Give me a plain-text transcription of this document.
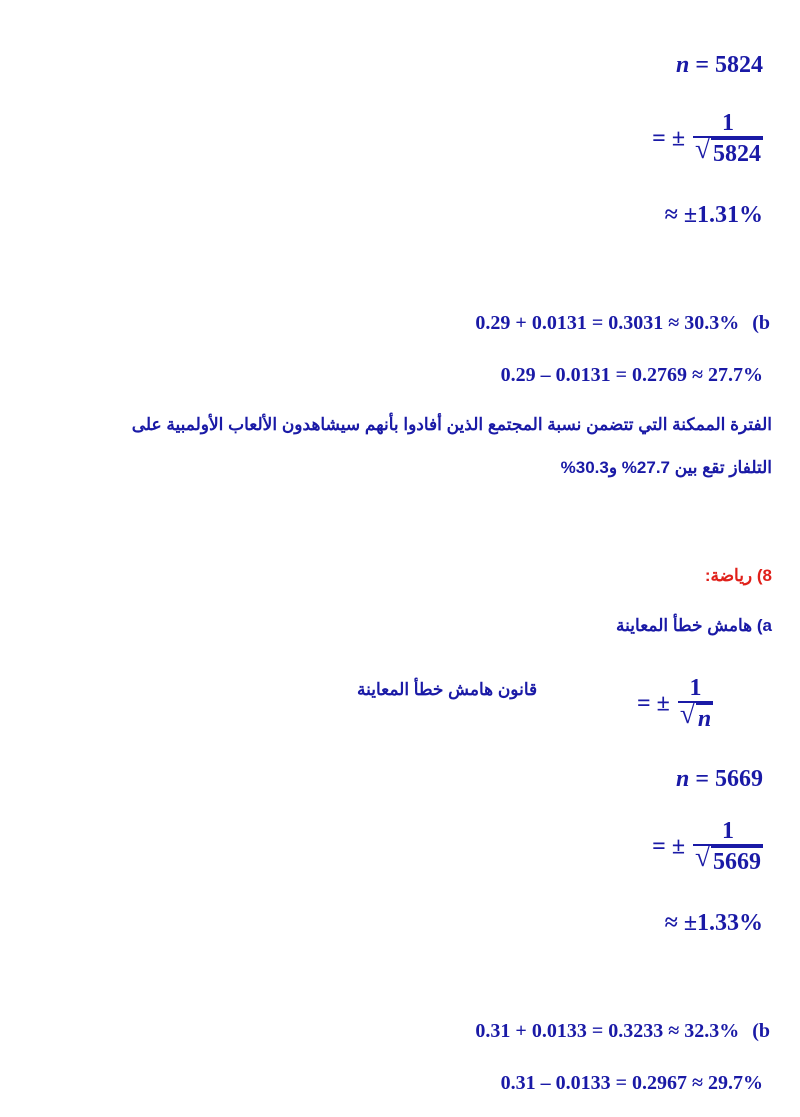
n = 5824
= ± 1
√ 5824
≈ ±1.31%
0.29 + 0.0131 = 0.3031 ≈ 30.3% (b
0.29 – 0.0131 = 0.2769 ≈ 27.7%
الفترة الممكنة التي تتضمن نسبة المجتمع الذين أفادوا بأنهم سيشاهدون الألعاب الأولمبية على
التلفاز تقع بين 27.7% و30.3%
8) رياضة:
a) هامش خطأ المعاينة
قانون هامش خطأ المعاينة
= ± 1
√ n
n = 5669
= ± 1
√ 5669
≈ ±1.33%
0.31 + 0.0133 = 0.3233 ≈ 32.3% (b
0.31 – 0.0133 = 0.2967 ≈ 29.7%
